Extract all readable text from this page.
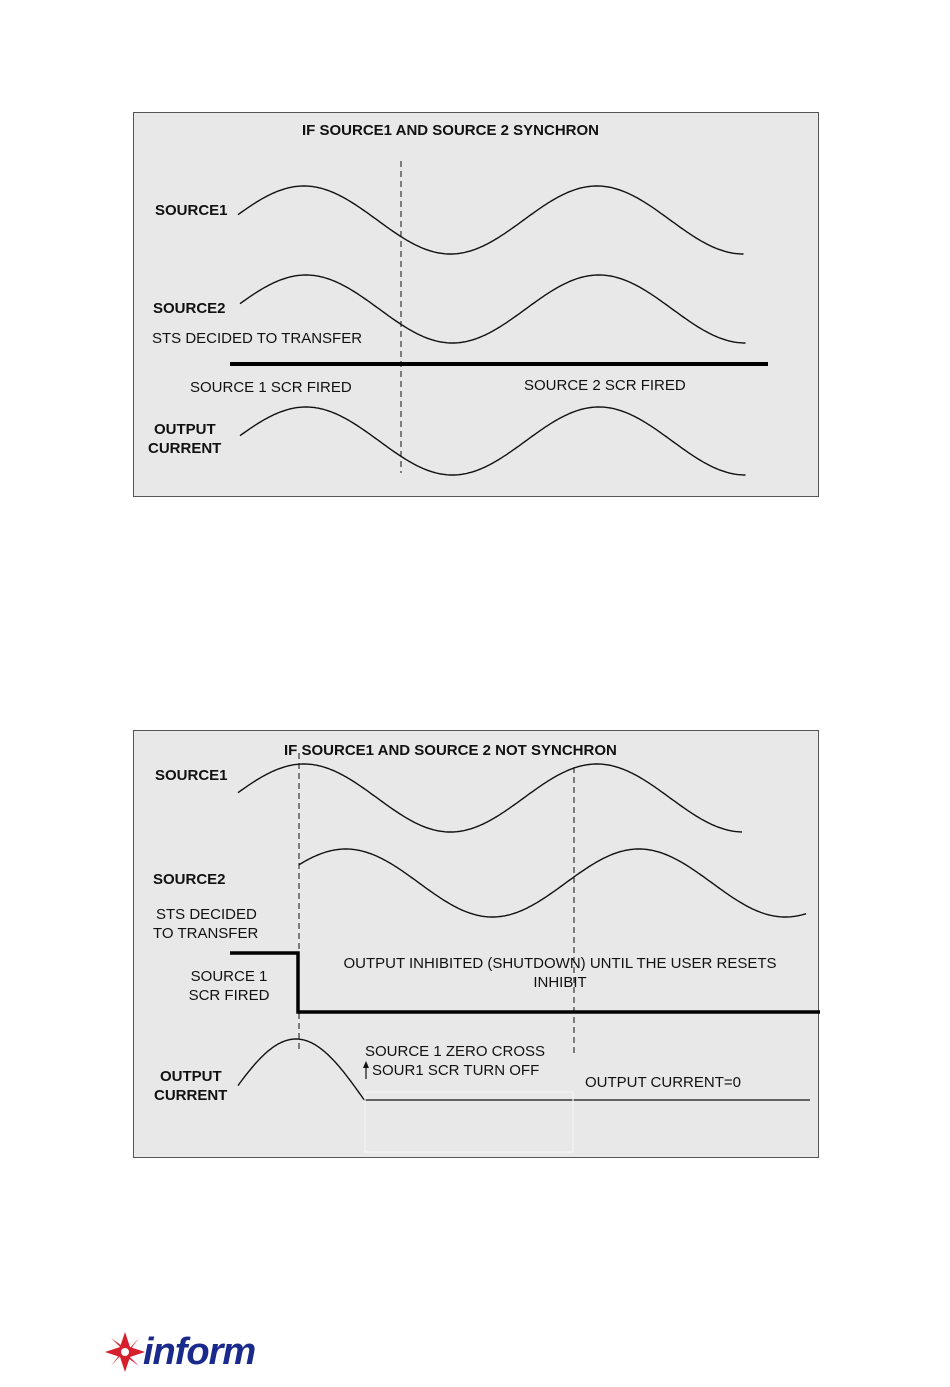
IF SOURCE1 AND SOURCE 2 SYNCHRON
SOURCE1
SOURCE2
STS DECIDED TO TRANSFER
SOURCE 1 SCR FIRED	SOURCE 2 SCR FIRED
OUTPUT
CURRENT
IF SOURCE1 AND SOURCE 2 NOT SYNCHRON
SOURCE1
SOURCE2
STS DECIDED
TO TRANSFER
SOURCE 1
SCR FIRED
OUTPUT INHIBITED (SHUTDOWN) UNTIL THE USER RESETS
INHIBIT
SOURCE 1 ZERO CROSS
SOUR1 SCR TURN OFF
OUTPUT CURRENT=0
OUTPUT
CURRENT
inform
